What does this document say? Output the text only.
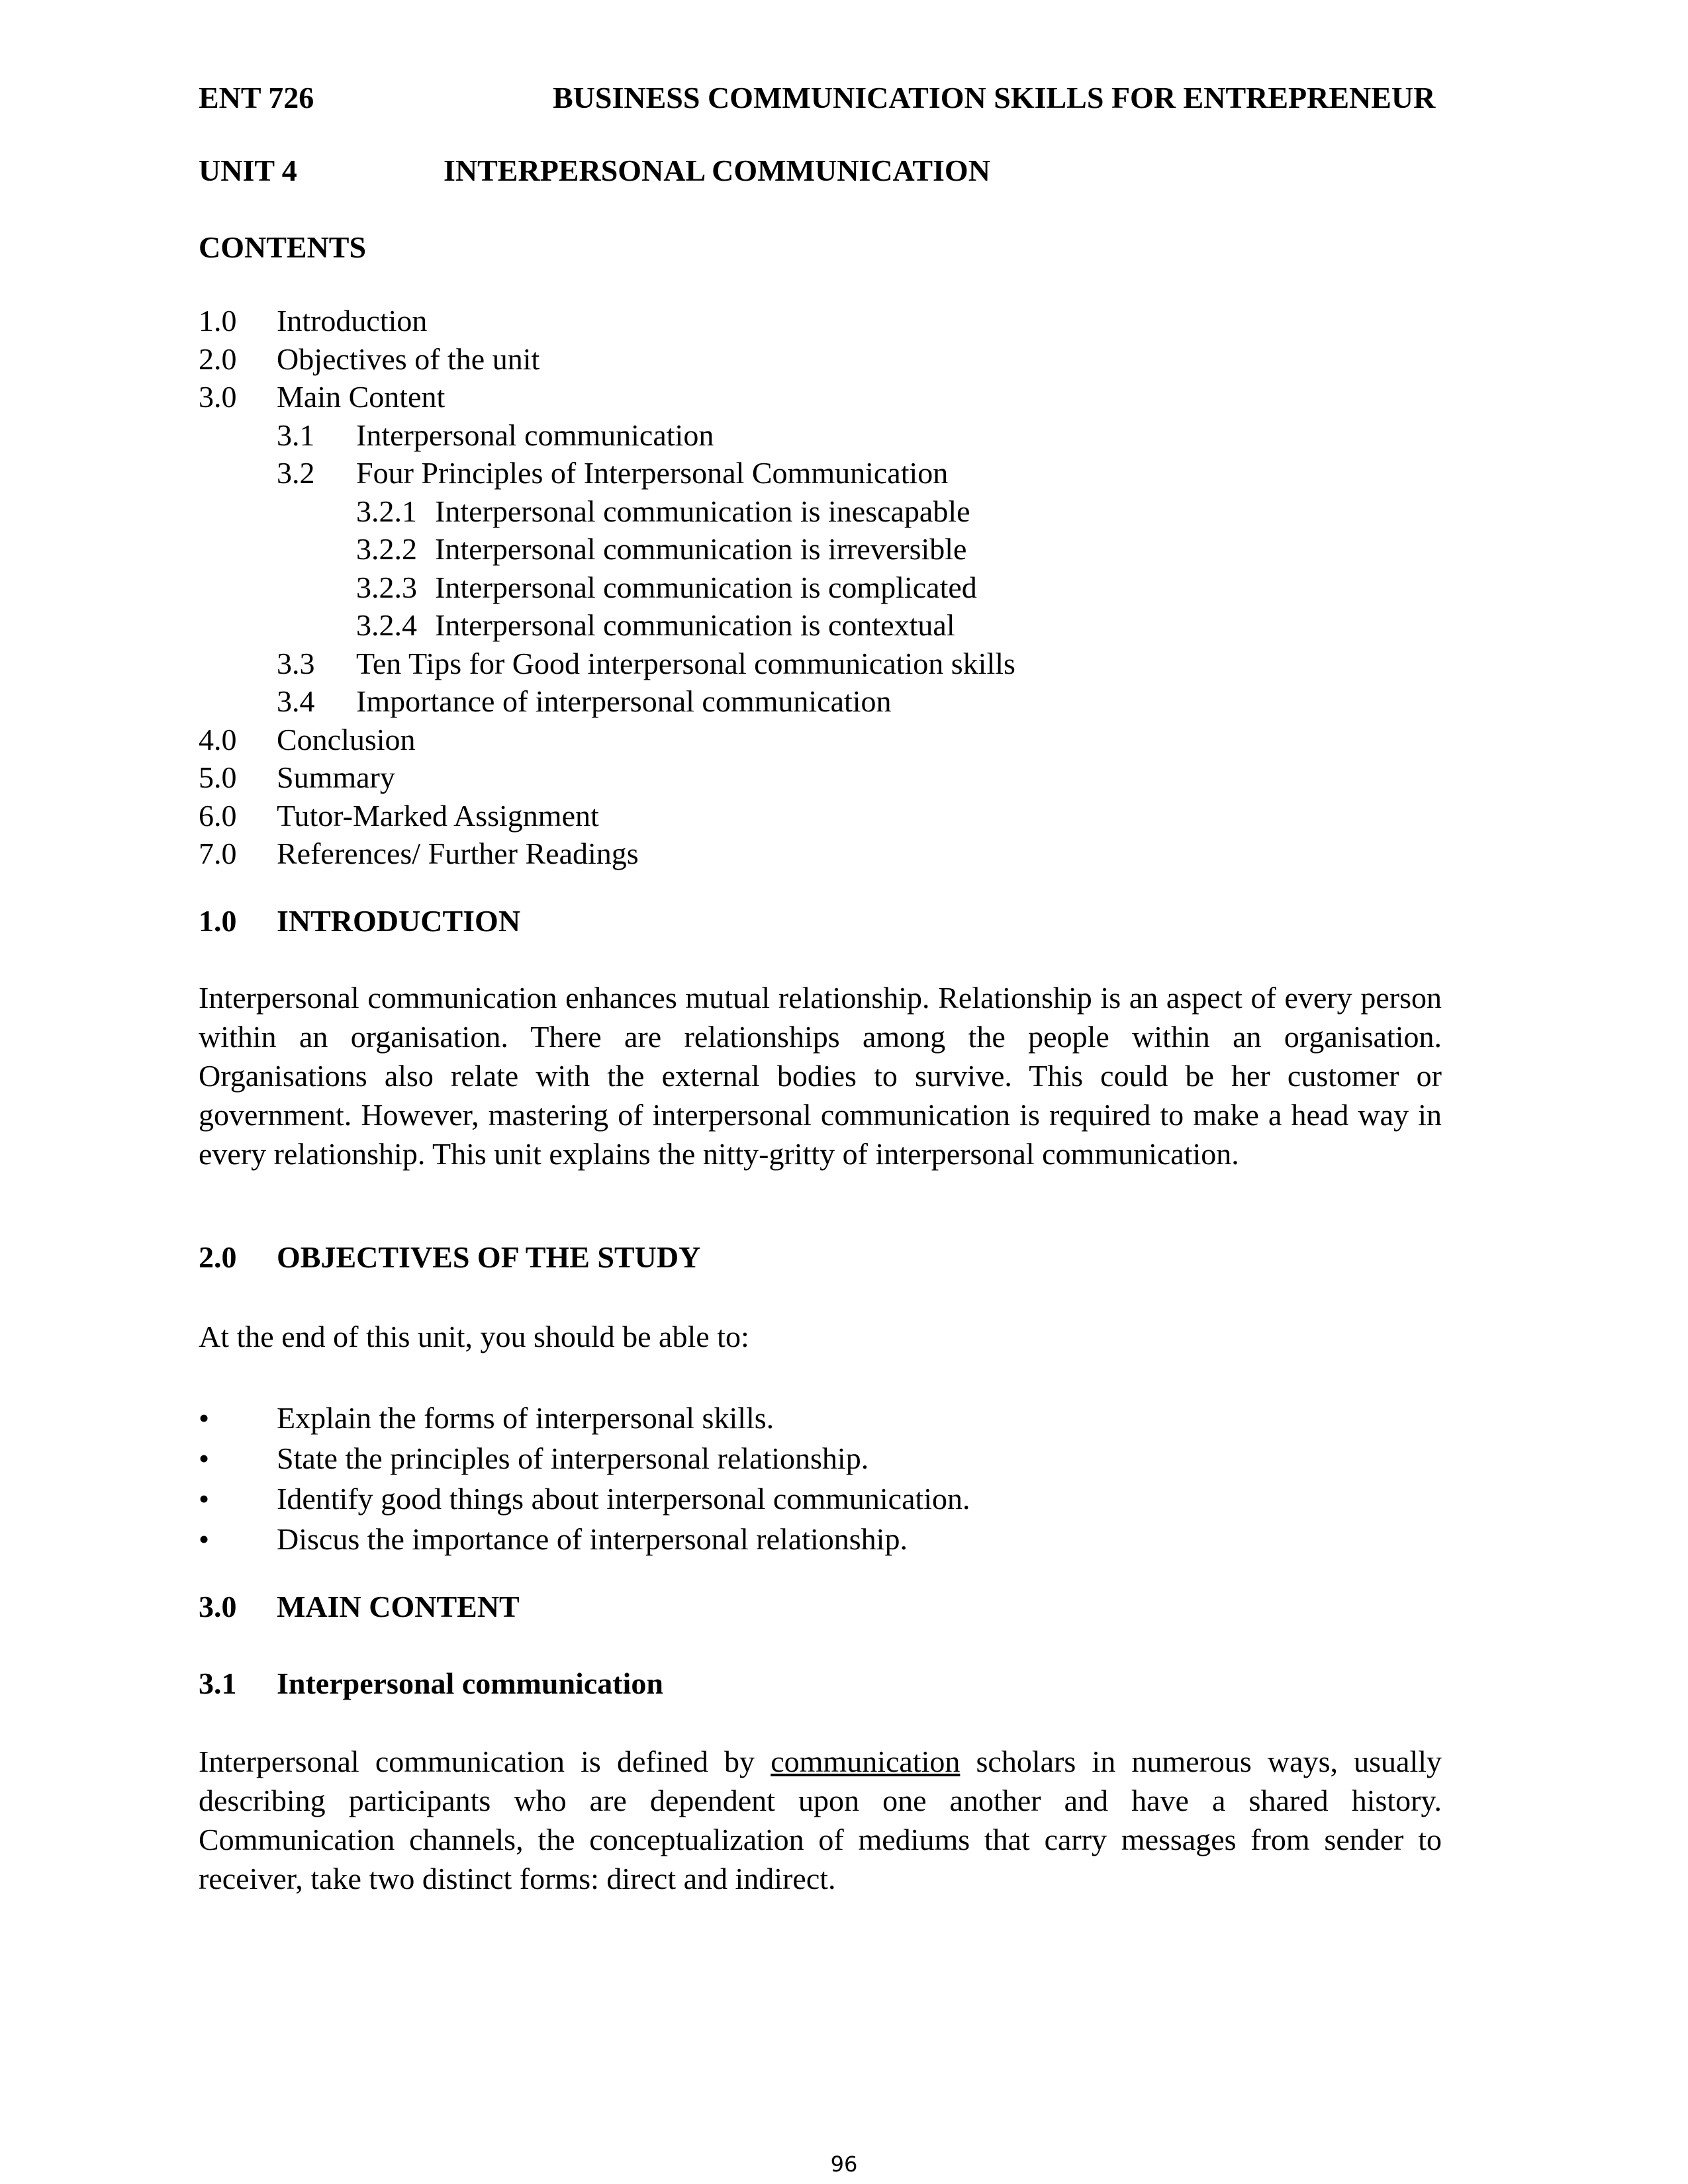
ENT 726	BUSINESS COMMUNICATION SKILLS FOR ENTREPRENEUR
UNIT 4	INTERPERSONAL COMMUNICATION
CONTENTS
1.0 Introduction
2.0 Objectives of the unit
3.0 Main Content
3.1 Interpersonal communication
3.2 Four Principles of Interpersonal Communication
3.2.1 Interpersonal communication is inescapable
3.2.2 Interpersonal communication is irreversible
3.2.3 Interpersonal communication is complicated
3.2.4 Interpersonal communication is contextual
3.3 Ten Tips for Good interpersonal communication skills
3.4 Importance of interpersonal communication
4.0 Conclusion
5.0 Summary
6.0 Tutor-Marked Assignment
7.0 References/ Further Readings
1.0 INTRODUCTION

Interpersonal communication enhances mutual relationship. Relationship is an aspect of every person within an organisation. There are relationships among the people within an organisation. Organisations also relate with the external bodies to survive. This could be her customer or government. However, mastering of interpersonal communication is required to make a head way in every relationship. This unit explains the nitty-gritty of interpersonal communication.

2.0 OBJECTIVES OF THE STUDY
At the end of this unit, you should be able to:
• Explain the forms of interpersonal skills.
• State the principles of interpersonal relationship.
• Identify good things about interpersonal communication.
• Discus the importance of interpersonal relationship.
3.0 MAIN CONTENT
3.1 Interpersonal communication

Interpersonal communication is defined by communication scholars in numerous ways, usually describing participants who are dependent upon one another and have a shared history. Communication channels, the conceptualization of mediums that carry messages from sender to receiver, take two distinct forms: direct and indirect.

96
